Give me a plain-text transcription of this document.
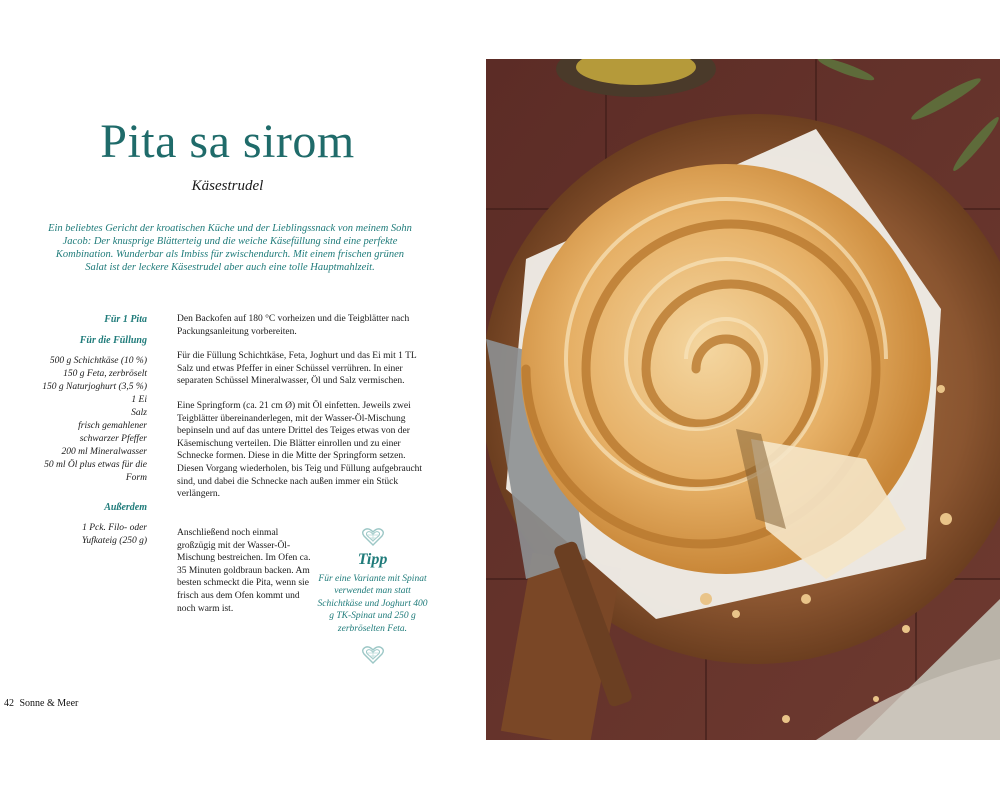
Pita sa sirom
Käsestrudel

Ein beliebtes Gericht der kroatischen Küche und der Lieblingssnack von meinem Sohn Jacob: Der knusprige Blätterteig und die weiche Käsefüllung sind eine perfekte Kombination. Wunderbar als Imbiss für zwischendurch. Mit einem frischen grünen Salat ist der leckere Käsestrudel aber auch eine tolle Hauptmahlzeit.

Für 1 Pita
Für die Füllung
500 g Schichtkäse (10 %)
150 g Feta, zerbröselt
150 g Naturjoghurt (3,5 %)
1 Ei
Salz
frisch gemahlener
schwarzer Pfeffer
200 ml Mineralwasser
50 ml Öl plus etwas für die
Form
Außerdem
1 Pck. Filo- oder
Yufkateig (250 g)

Den Backofen auf 180 °C vorheizen und die Teigblätter nach Packungsanleitung vorbereiten.

Für die Füllung Schichtkäse, Feta, Joghurt und das Ei mit 1 TL Salz und etwas Pfeffer in einer Schüssel verrühren. In einer separaten Schüssel Mineralwasser, Öl und Salz vermischen.

Eine Springform (ca. 21 cm Ø) mit Öl einfetten. Jeweils zwei Teigblätter übereinanderlegen, mit der Wasser-Öl-Mischung bepinseln und auf das untere Drittel des Teiges etwas von der Käsemischung verteilen. Die Blätter einrollen und zu einer Schnecke formen. Diese in die Mitte der Springform setzen. Diesen Vorgang wiederholen, bis Teig und Füllung aufgebraucht sind, und dabei die Schnecke nach außen immer ein Stück verlängern.

Anschließend noch einmal großzügig mit der Wasser-Öl-Mischung bestreichen. Im Ofen ca. 35 Minuten goldbraun backen. Am besten schmeckt die Pita, wenn sie frisch aus dem Ofen kommt und noch warm ist.

Tipp

Für eine Variante mit Spinat verwendet man statt Schichtkäse und Joghurt 400 g TK-Spinat und 250 g zerbröselten Feta.

42 Sonne & Meer
